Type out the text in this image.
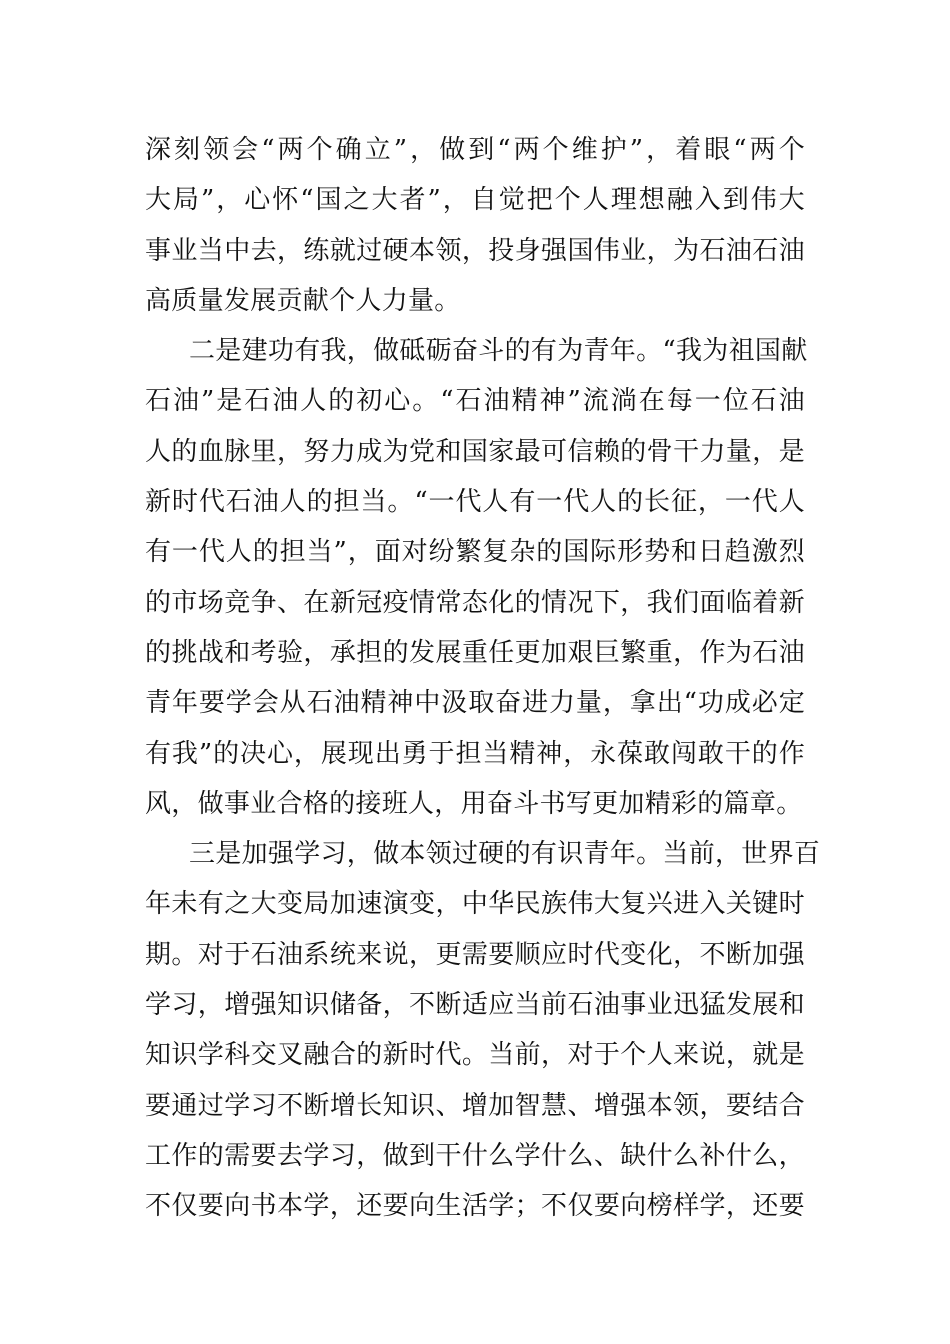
深刻领会“两个确立”，做到“两个维护”，着眼“两个
大局”，心怀“国之大者”，自觉把个人理想融入到伟大
事业当中去，练就过硬本领，投身强国伟业，为石油石油
高质量发展贡献个人力量。
二是建功有我，做砥砺奋斗的有为青年。“我为祖国献
石油”是石油人的初心。“石油精神”流淌在每一位石油
人的血脉里，努力成为党和国家最可信赖的骨干力量，是
新时代石油人的担当。“一代人有一代人的长征，一代人
有一代人的担当”，面对纷繁复杂的国际形势和日趋激烈
的市场竞争、在新冠疫情常态化的情况下，我们面临着新
的挑战和考验，承担的发展重任更加艰巨繁重，作为石油
青年要学会从石油精神中汲取奋进力量，拿出“功成必定
有我”的决心，展现出勇于担当精神，永葆敢闯敢干的作
风，做事业合格的接班人，用奋斗书写更加精彩的篇章。
三是加强学习，做本领过硬的有识青年。当前，世界百
年未有之大变局加速演变，中华民族伟大复兴进入关键时
期。对于石油系统来说，更需要顺应时代变化，不断加强
学习，增强知识储备，不断适应当前石油事业迅猛发展和
知识学科交叉融合的新时代。当前，对于个人来说，就是
要通过学习不断增长知识、增加智慧、增强本领，要结合
工作的需要去学习，做到干什么学什么、缺什么补什么，
不仅要向书本学，还要向生活学；不仅要向榜样学，还要
